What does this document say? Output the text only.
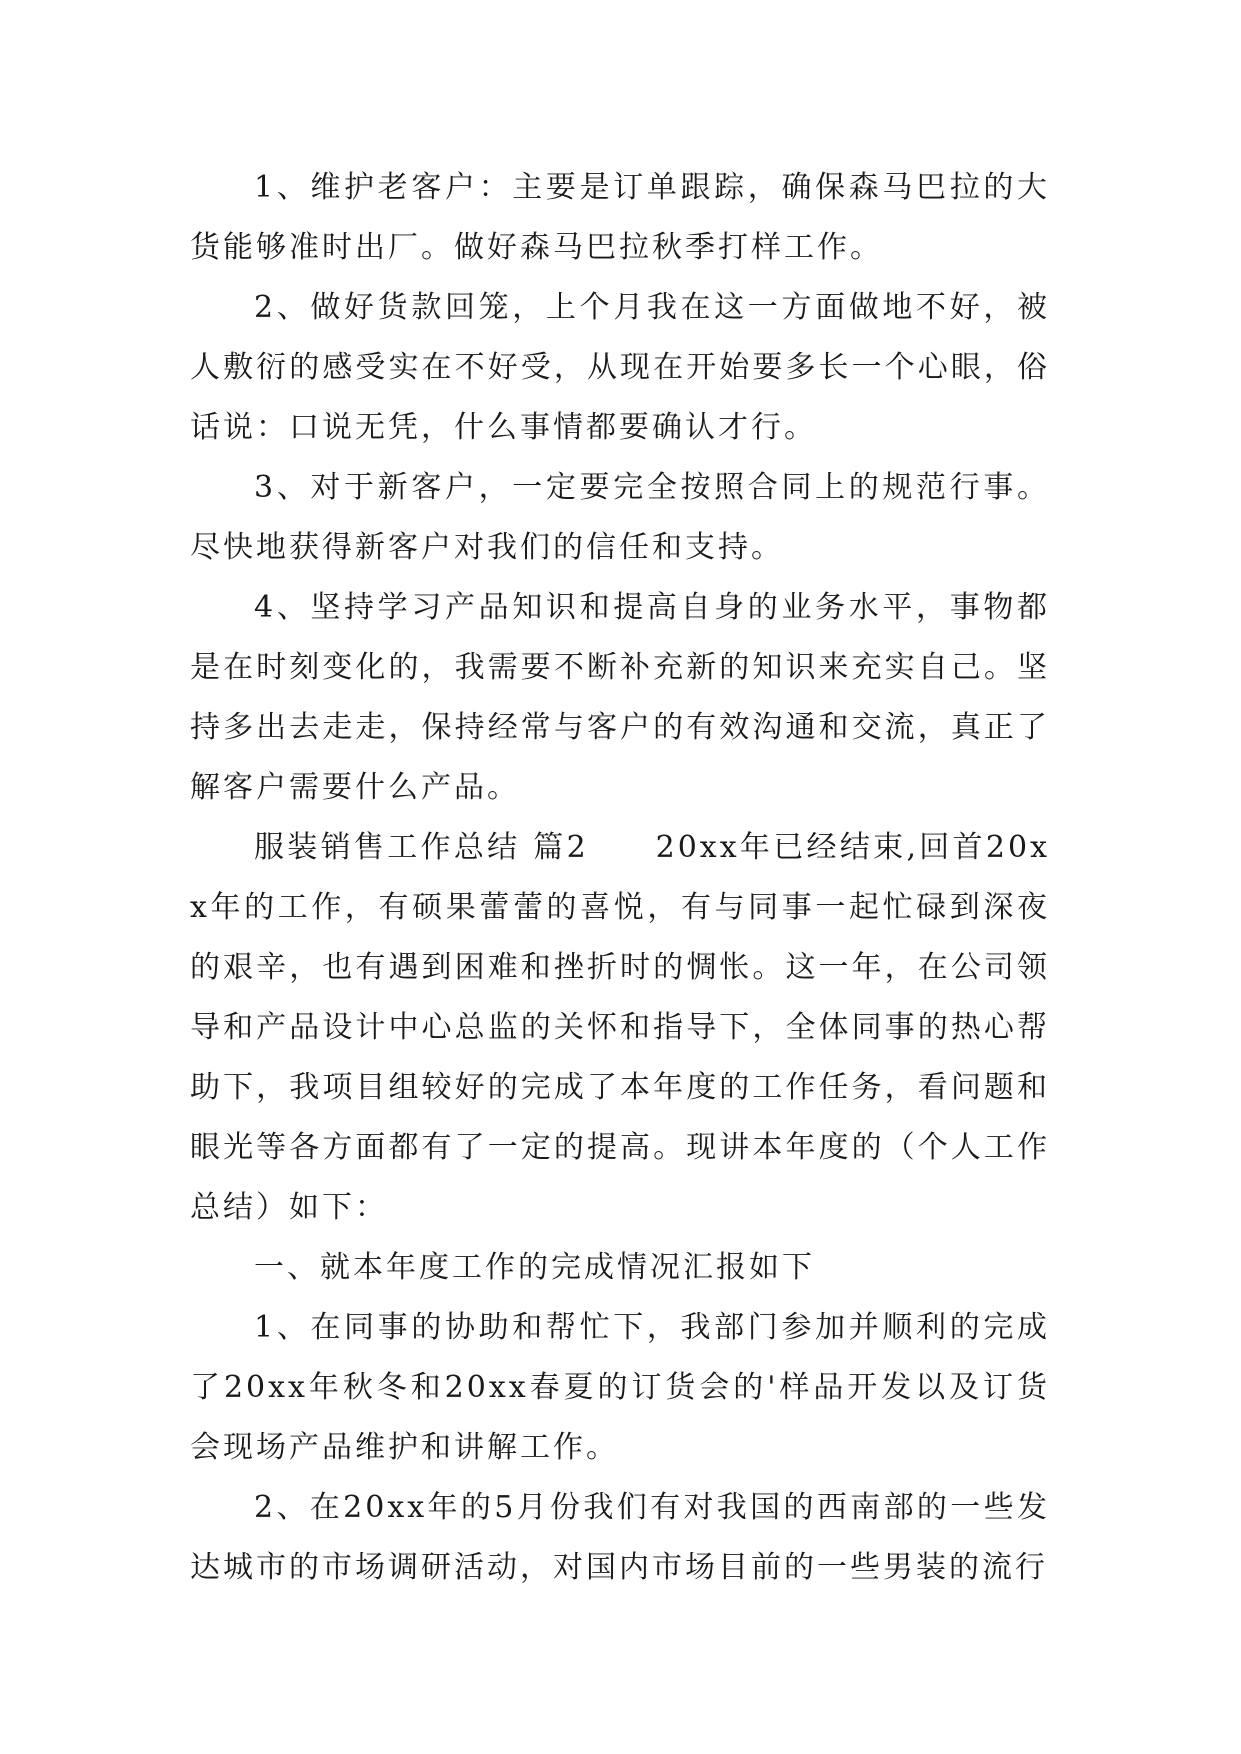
1、维护老客户：主要是订单跟踪，确保森马巴拉的大货能够准时出厂。做好森马巴拉秋季打样工作。

2、做好货款回笼，上个月我在这一方面做地不好，被人敷衍的感受实在不好受，从现在开始要多长一个心眼，俗话说：口说无凭，什么事情都要确认才行。

3、对于新客户，一定要完全按照合同上的规范行事。尽快地获得新客户对我们的信任和支持。

4、坚持学习产品知识和提高自身的业务水平，事物都是在时刻变化的，我需要不断补充新的知识来充实自己。坚持多出去走走，保持经常与客户的有效沟通和交流，真正了解客户需要什么产品。

服装销售工作总结 篇2　　20xx年已经结束,回首20xx年的工作，有硕果蕾蕾的喜悦，有与同事一起忙碌到深夜的艰辛，也有遇到困难和挫折时的惆怅。这一年，在公司领导和产品设计中心总监的关怀和指导下，全体同事的热心帮助下，我项目组较好的完成了本年度的工作任务，看问题和眼光等各方面都有了一定的提高。现讲本年度的（个人工作总结）如下：

一、就本年度工作的完成情况汇报如下

1、在同事的协助和帮忙下，我部门参加并顺利的完成了20xx年秋冬和20xx春夏的订货会的'样品开发以及订货会现场产品维护和讲解工作。

2、在20xx年的5月份我们有对我国的西南部的一些发达城市的市场调研活动，对国内市场目前的一些男装的流行
